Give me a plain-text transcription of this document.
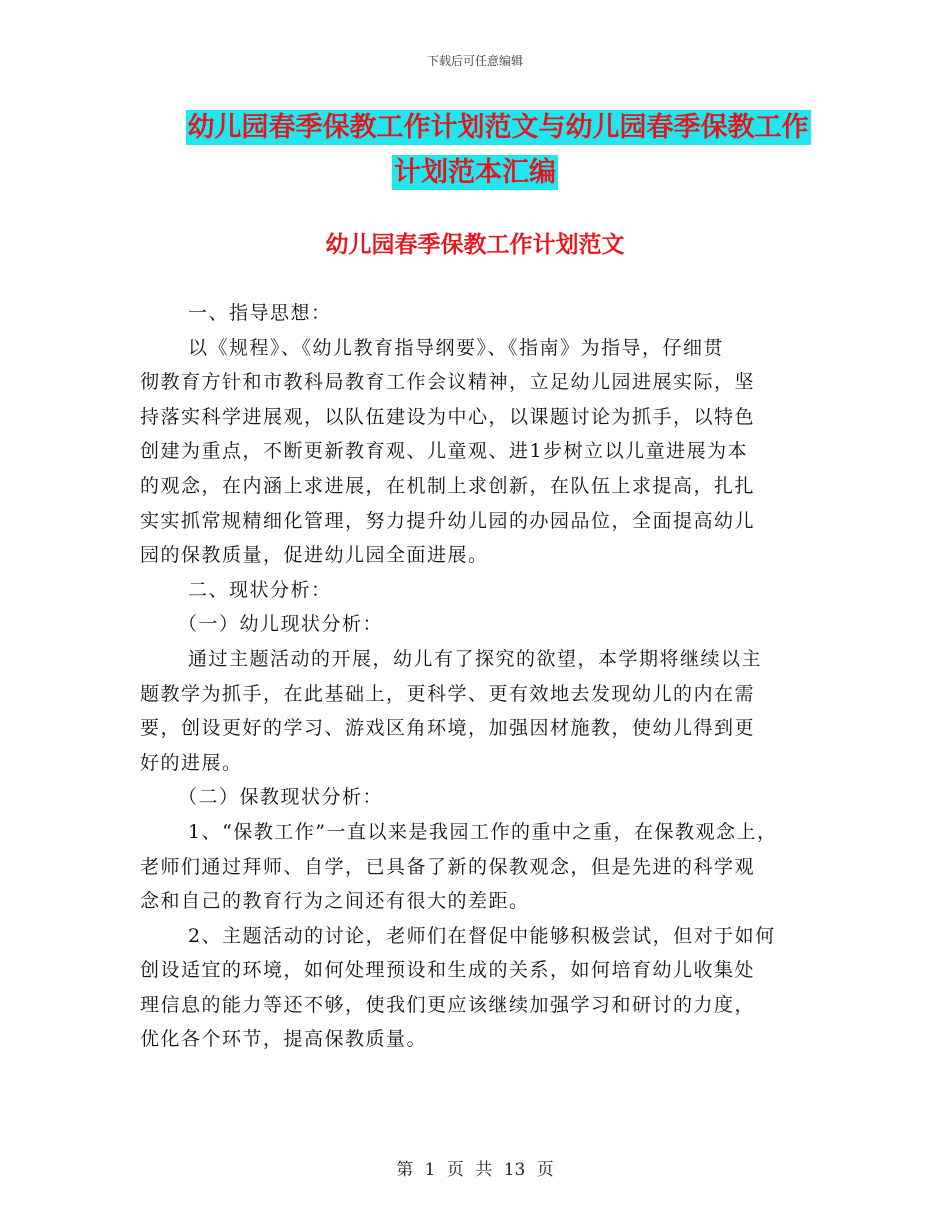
下载后可任意编辑
幼儿园春季保教工作计划范文与幼儿园春季保教工作
计划范本汇编
幼儿园春季保教工作计划范文
一、指导思想：
以《规程》、《幼儿教育指导纲要》、《指南》为指导，仔细贯
彻教育方针和市教科局教育工作会议精神，立足幼儿园进展实际，坚
持落实科学进展观，以队伍建设为中心，以课题讨论为抓手，以特色
创建为重点，不断更新教育观、儿童观、进1步树立以儿童进展为本
的观念，在内涵上求进展，在机制上求创新，在队伍上求提高，扎扎
实实抓常规精细化管理，努力提升幼儿园的办园品位，全面提高幼儿
园的保教质量，促进幼儿园全面进展。
二、现状分析：
（一）幼儿现状分析：
通过主题活动的开展，幼儿有了探究的欲望，本学期将继续以主
题教学为抓手，在此基础上，更科学、更有效地去发现幼儿的内在需
要，创设更好的学习、游戏区角环境，加强因材施教，使幼儿得到更
好的进展。
（二）保教现状分析：
1、“保教工作”一直以来是我园工作的重中之重，在保教观念上，
老师们通过拜师、自学，已具备了新的保教观念，但是先进的科学观
念和自己的教育行为之间还有很大的差距。
2、主题活动的讨论，老师们在督促中能够积极尝试，但对于如何
创设适宜的环境，如何处理预设和生成的关系，如何培育幼儿收集处
理信息的能力等还不够，使我们更应该继续加强学习和研讨的力度，
优化各个环节，提高保教质量。
第 1 页 共 13 页
